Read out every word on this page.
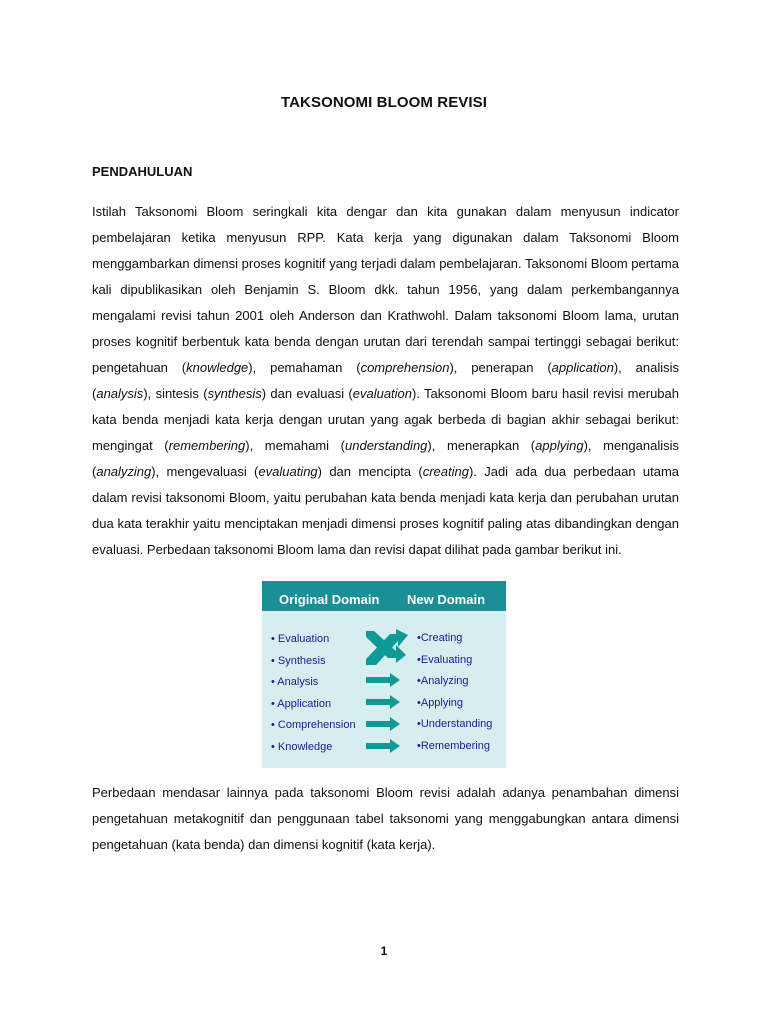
TAKSONOMI BLOOM REVISI
PENDAHULUAN

Istilah Taksonomi Bloom seringkali kita dengar dan kita gunakan dalam menyusun indicator pembelajaran ketika menyusun RPP. Kata kerja yang digunakan dalam Taksonomi Bloom menggambarkan dimensi proses kognitif yang terjadi dalam pembelajaran. Taksonomi Bloom pertama kali dipublikasikan oleh Benjamin S. Bloom dkk. tahun 1956, yang dalam perkembangannya mengalami revisi tahun 2001 oleh Anderson dan Krathwohl. Dalam taksonomi Bloom lama, urutan proses kognitif berbentuk kata benda dengan urutan dari terendah sampai tertinggi sebagai berikut: pengetahuan (knowledge), pemahaman (comprehension), penerapan (application), analisis (analysis), sintesis (synthesis) dan evaluasi (evaluation). Taksonomi Bloom baru hasil revisi merubah kata benda menjadi kata kerja dengan urutan yang agak berbeda di bagian akhir sebagai berikut: mengingat (remembering), memahami (understanding), menerapkan (applying), menganalisis (analyzing), mengevaluasi (evaluating) dan mencipta (creating). Jadi ada dua perbedaan utama dalam revisi taksonomi Bloom, yaitu perubahan kata benda menjadi kata kerja dan perubahan urutan dua kata terakhir yaitu menciptakan menjadi dimensi proses kognitif paling atas dibandingkan dengan evaluasi. Perbedaan taksonomi Bloom lama dan revisi dapat dilihat pada gambar berikut ini.

Original Domain New Domain
• Evaluation
• Synthesis
• Analysis
• Application
• Comprehension
• Knowledge
•Creating
•Evaluating
•Analyzing
•Applying
•Understanding
•Remembering

Perbedaan mendasar lainnya pada taksonomi Bloom revisi adalah adanya penambahan dimensi pengetahuan metakognitif dan penggunaan tabel taksonomi yang menggabungkan antara dimensi pengetahuan (kata benda) dan dimensi kognitif (kata kerja).

1
